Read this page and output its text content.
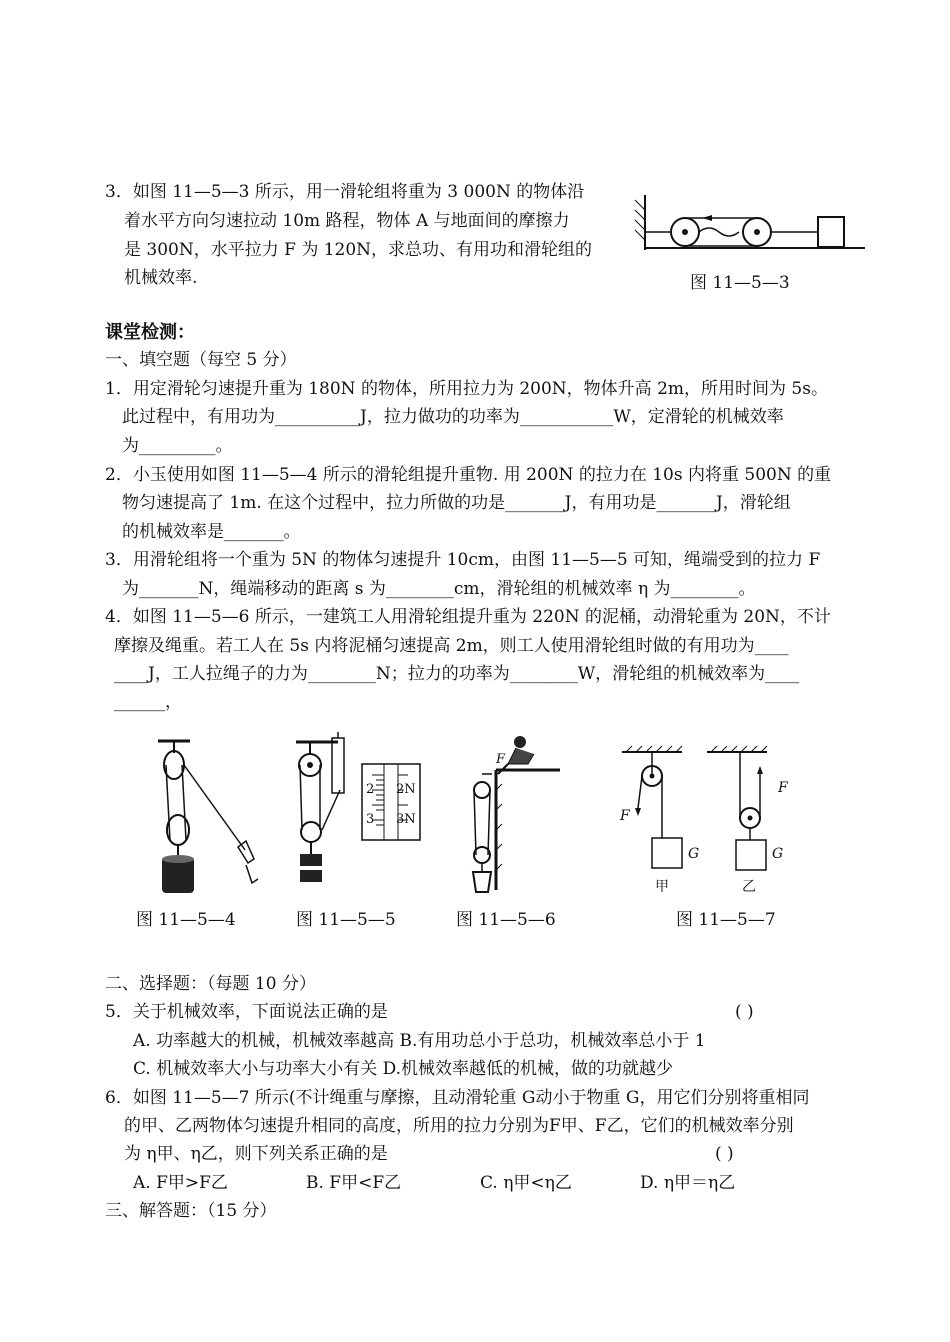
3．如图 11—5—3 所示，用一滑轮组将重为 3 000N 的物体沿
着水平方向匀速拉动 10m 路程，物体 A 与地面间的摩擦力
是 300N，水平拉力 F 为 120N，求总功、有用功和滑轮组的
机械效率.	图 11—5—3
课堂检测：
一、填空题（每空 5 分）
1．用定滑轮匀速提升重为 180N 的物体，所用拉力为 200N，物体升高 2m，所用时间为 5s。
此过程中，有用功为__________J，拉力做功的功率为___________W，定滑轮的机械效率
为_________。
2．小玉使用如图 11—5—4 所示的滑轮组提升重物. 用 200N 的拉力在 10s 内将重 500N 的重
物匀速提高了 1m. 在这个过程中，拉力所做的功是_______J，有用功是_______J，滑轮组
的机械效率是_______。
3．用滑轮组将一个重为 5N 的物体匀速提升 10cm，由图 11—5—5 可知，绳端受到的拉力 F
为_______N，绳端移动的距离 s 为________cm，滑轮组的机械效率 η 为________。
4．如图 11—5—6 所示，一建筑工人用滑轮组提升重为 220N 的泥桶，动滑轮重为 20N，不计
摩擦及绳重。若工人在 5s 内将泥桶匀速提高 2m，则工人使用滑轮组时做的有用功为____
____J，工人拉绳子的力为________N；拉力的功率为________W，滑轮组的机械效率为____
______，
图 11—5—4
2 2N
3 3N
图 11—5—5
F
图 11—5—6
F
G
甲
F
G
乙
图 11—5—7
二、选择题：（每题 10 分）
5．关于机械效率，下面说法正确的是	( )
A. 功率越大的机械，机械效率越高 B.有用功总小于总功，机械效率总小于 1
C. 机械效率大小与功率大小有关 D.机械效率越低的机械，做的功就越少
6．如图 11—5—7 所示(不计绳重与摩擦，且动滑轮重 G动小于物重 G，用它们分别将重相同
的甲、乙两物体匀速提升相同的高度，所用的拉力分别为F甲、F乙，它们的机械效率分别
为 η甲、η乙，则下列关系正确的是	( )
A. F甲>F乙	B. F甲<F乙	C. η甲<η乙	D. η甲＝η乙
三、解答题：（15 分）
